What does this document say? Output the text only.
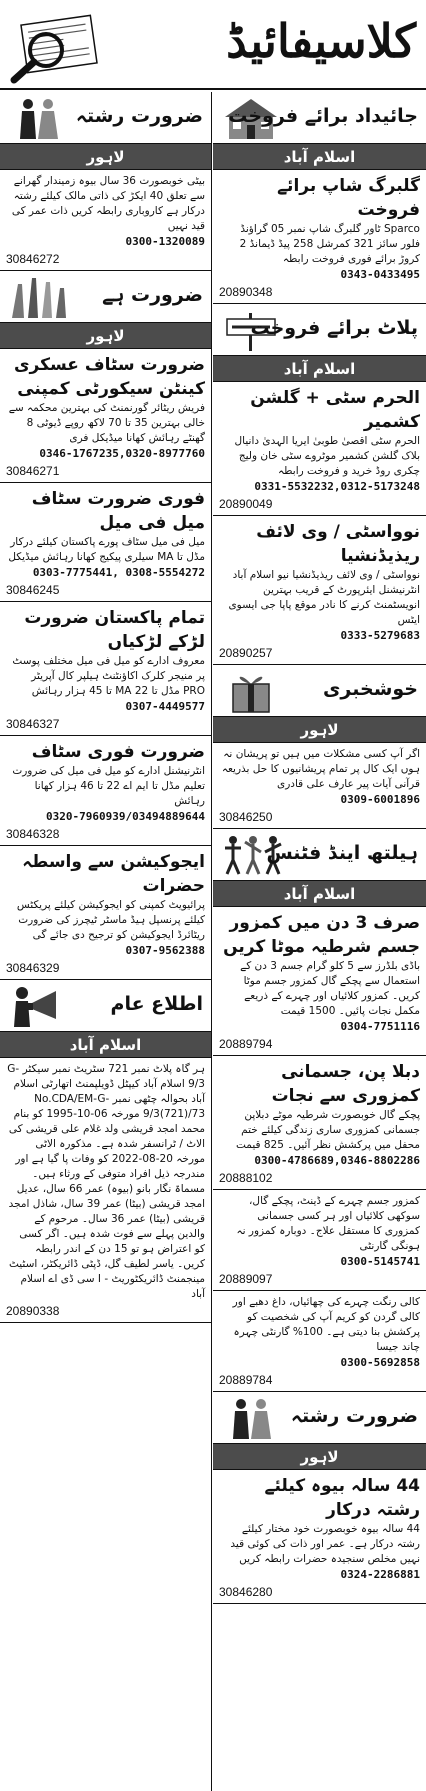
کلاسیفائیڈ
ضرورت رشتہ
لاہور
بیٹی خوبصورت 36 سال بیوہ زمیندار گھرانے سے تعلق 40 ایکڑ کی ذاتی مالک کیلئے رشتہ درکار ہے کاروباری رابطہ کریں ذات عمر کی قید نہیں
0300-1320089
30846272
ضرورت ہے
لاہور
ضرورت سٹاف عسکری کینٹن سیکورٹی کمپنی
فریش ریٹائر گورنمنٹ کی بہترین محکمہ سے خالی بہترین 35 تا 70 لاکھ روپے ڈیوٹی 8 گھنٹے رہائش کھانا میڈیکل فری
0346-1767235,0320-8977760
30846271
فوری ضرورت سٹاف میل فی میل
میل فی میل سٹاف پورے پاکستان کیلئے درکار مڈل تا MA سیلری پیکیج کھانا رہائش میڈیکل
0303-7775441, 0308-5554272
30846245
تمام پاکستان ضرورت لڑکے لڑکیاں
معروف ادارے کو میل فی میل مختلف پوسٹ پر منیجر کلرک اکاؤنٹنٹ ہیلپر کال آپریٹر PRO مڈل تا MA 22 تا 45 ہزار رہائش
0307-4449577
30846327
ضرورت فوری سٹاف
انٹرنیشنل ادارے کو میل فی میل کی ضرورت تعلیم مڈل تا ایم اے 22 تا 46 ہزار کھانا رہائش
0320-7960939/03494889644
30846328
ایجوکیشن سے واسطہ حضرات
پرائیویٹ کمپنی کو ایجوکیشن کیلئے پریکٹس کیلئے پرنسپل ہیڈ ماسٹر ٹیچرز کی ضرورت ریٹائرڈ ایجوکیشن کو ترجیح دی جائے گی
0307-9562388
30846329
اطلاع عام
اسلام آباد
ہر گاہ پلاٹ نمبر 721 سٹریٹ نمبر سیکٹر G-9/3 اسلام آباد کیپٹل ڈویلپمنٹ اتھارٹی اسلام آباد بحوالہ چٹھی نمبر No.CDA/EM-G-9/3(721)/73 مورخہ 06-10-1995 کو بنام محمد امجد قریشی ولد غلام علی قریشی کی الاٹ / ٹرانسفر شدہ ہے۔ مذکورہ الاٹی مورخہ 20-08-2022 کو وفات پا گیا ہے اور مندرجہ ذیل افراد متوفی کے ورثاء ہیں۔ مسماۃ نگار بانو (بیوہ) عمر 66 سال، عدیل امجد قریشی (بیٹا) عمر 39 سال، شاذل امجد قریشی (بیٹا) عمر 36 سال۔ مرحوم کے والدین پہلے سے فوت شدہ ہیں۔ اگر کسی کو اعتراض ہو تو 15 دن کے اندر رابطہ کریں۔ یاسر لطیف گل، ڈپٹی ڈائریکٹر، اسٹیٹ مینجمنٹ ڈائریکٹوریٹ - I سی ڈی اے اسلام آباد
20890338
جائیداد برائے فروخت
اسلام آباد
گلبرگ شاپ برائے فروخت
Sparco ٹاور گلبرگ شاپ نمبر 05 گراؤنڈ فلور سائز 321 کمرشل 258 پیڈ ڈیمانڈ 2 کروڑ برائے فوری فروخت رابطہ
0343-0433495
20890348
پلاٹ برائے فروخت
اسلام آباد
الحرم سٹی + گلشن کشمیر
الحرم سٹی اقصیٰ طوبیٰ ایریا الہدیٰ دانیال بلاک گلشن کشمیر موٹروے سٹی خان ولیج چکری روڈ خرید و فروخت رابطہ
0331-5532232,0312-5173248
20890049
نوواسٹی / وی لائف ریذیڈنشیا
نوواسٹی / وی لائف ریذیڈنشیا نیو اسلام آباد انٹرنیشنل ایئرپورٹ کے قریب بہترین انویسٹمنٹ کرنے کا نادر موقع پاپا جی ایسوی ایٹس
0333-5279683
20890257
خوشخبری
لاہور
اگر آپ کسی مشکلات میں ہیں تو پریشان نہ ہوں ایک کال پر تمام پریشانیوں کا حل بذریعہ قرآنی آیات پیر عارف علی قادری
0309-6001896
30846250
ہیلتھ اینڈ فٹنس
اسلام آباد
صرف 3 دن میں کمزور جسم شرطیہ موٹا کریں
باڈی بلڈرز سے 5 کلو گرام جسم 3 دن کے استعمال سے پچکے گال کمزور جسم موٹا کریں۔ کمزور کلائیاں اور چہرے کے ذریعے مکمل نجات پائیں۔ 1500 قیمت
0304-7751116
20889794
دبلا پن، جسمانی کمزوری سے نجات
پچکے گال خوبصورت شرطیہ موٹے دبلاپن جسمانی کمزوری ساری زندگی کیلئے ختم محفل میں پرکشش نظر آئیں۔ 825 قیمت
0300-4786689,0346-8802286
20888102
کمزور جسم چہرے کے ڈینٹ، پچکے گال، سوکھی کلائیاں اور ہر کسی جسمانی کمزوری کا مستقل علاج۔ دوبارہ کمزور نہ ہونگی گارنٹی
0300-5145741
20889097
کالی رنگت چہرے کی چھائیاں، داغ دھبے اور کالی گردن کو کریم آپ کی شخصیت کو پرکشش بنا دیتی ہے۔ 100% گارنٹی چہرہ چاند جیسا
0300-5692858
20889784
ضرورت رشتہ
لاہور
44 سالہ بیوہ کیلئے رشتہ درکار
44 سالہ بیوہ خوبصورت خود مختار کیلئے رشتہ درکار ہے۔ عمر اور ذات کی کوئی قید نہیں مخلص سنجیدہ حضرات رابطہ کریں
0324-2286881
30846280
